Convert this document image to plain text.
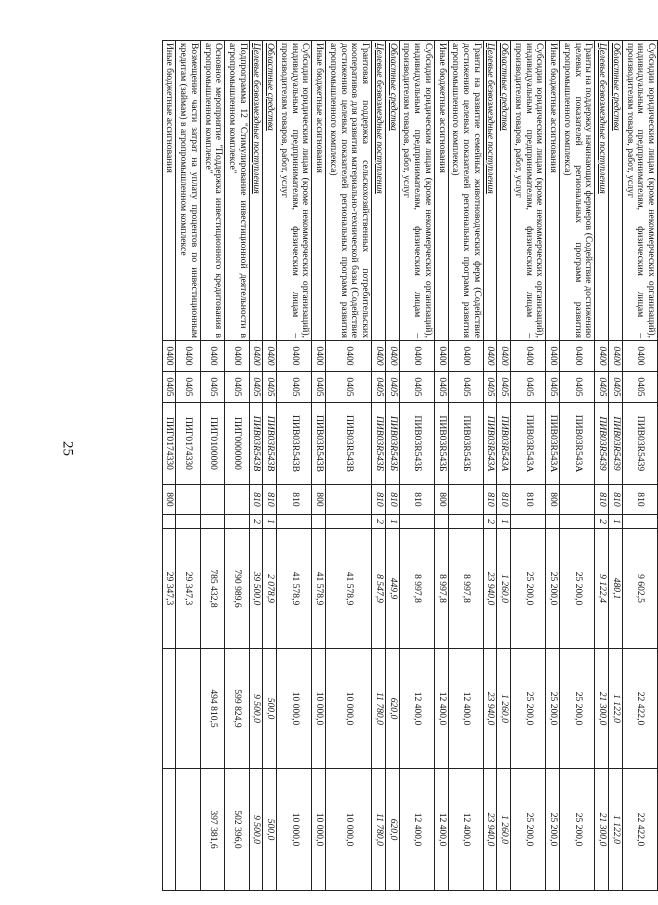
25
Субсидии юридическим лицам (кроме некоммерческих организаций), индивидуальным предпринимателям, физическим лицам – производителям товаров, работ, услуг	0400	0405	ПИВ03R5439	810		9 602,5	22 422,0	22 422,0
Областные средства	0400	0405	ПИВ03R5439	810	1	480,1	1 122,0	1 122,0
Целевые безвозмездные поступления	0400	0405	ПИВ03R5439	810	2	9 122,4	21 300,0	21 300,0
Гранты на поддержку начинающих фермеров (Содействие достижению целевых показателей региональных программ развития агропромышленного комплекса)	0400	0405	ПИВ03R543А			25 200,0	25 200,0	25 200,0
Иные бюджетные ассигнования	0400	0405	ПИВ03R543А	800		25 200,0	25 200,0	25 200,0
Субсидии юридическим лицам (кроме некоммерческих организаций), индивидуальным предпринимателям, физическим лицам – производителям товаров, работ, услуг	0400	0405	ПИВ03R543А	810		25 200,0	25 200,0	25 200,0
Областные средства	0400	0405	ПИВ03R543А	810	1	1 260,0	1 260,0	1 260,0
Целевые безвозмездные поступления	0400	0405	ПИВ03R543А	810	2	23 940,0	23 940,0	23 940,0
Гранты на развитие семейных животноводческих ферм (Содействие достижению целевых показателей региональных программ развития агропромышленного комплекса)	0400	0405	ПИВ03R543Б			8 997,8	12 400,0	12 400,0
Иные бюджетные ассигнования	0400	0405	ПИВ03R543Б	800		8 997,8	12 400,0	12 400,0
Субсидии юридическим лицам (кроме некоммерческих организаций), индивидуальным предпринимателям, физическим лицам – производителям товаров, работ, услуг	0400	0405	ПИВ03R543Б	810		8 997,8	12 400,0	12 400,0
Областные средства	0400	0405	ПИВ03R543Б	810	1	449,9	620,0	620,0
Целевые безвозмездные поступления	0400	0405	ПИВ03R543Б	810	2	8 547,9	11 780,0	11 780,0
Грантовая поддержка сельскохозяйственных потребительских кооперативов для развития материально-технической базы (Содействие достижению целевых показателей региональных программ развития агропромышленного комплекса)	0400	0405	ПИВ03R543В			41 578,9	10 000,0	10 000,0
Иные бюджетные ассигнования	0400	0405	ПИВ03R543В	800		41 578,9	10 000,0	10 000,0
Субсидии юридическим лицам (кроме некоммерческих организаций), индивидуальным предпринимателям, физическим лицам – производителям товаров, работ, услуг	0400	0405	ПИВ03R543В	810		41 578,9	10 000,0	10 000,0
Областные средства	0400	0405	ПИВ03R543В	810	1	2 078,9	500,0	500,0
Целевые безвозмездные поступления	0400	0405	ПИВ03R543В	810	2	39 500,0	9 500,0	9 500,0
Подпрограмма 12 "Стимулирование инвестиционной деятельности в агропромышленном комплексе"	0400	0405	ПИГ0000000			790 989,6	599 824,9	502 396,0
Основное мероприятие "Поддержка инвестиционного кредитования в агропромышленном комплексе"	0400	0405	ПИГ0100000			785 432,8	494 810,5	397 381,6
Возмещение части затрат на уплату процентов по инвестиционным кредитам (займам) в агропромышленном комплексе	0400	0405	ПИГ0174330			29 347,3		
Иные бюджетные ассигнования	0400	0405	ПИГ0174330	800		29 347,3		
